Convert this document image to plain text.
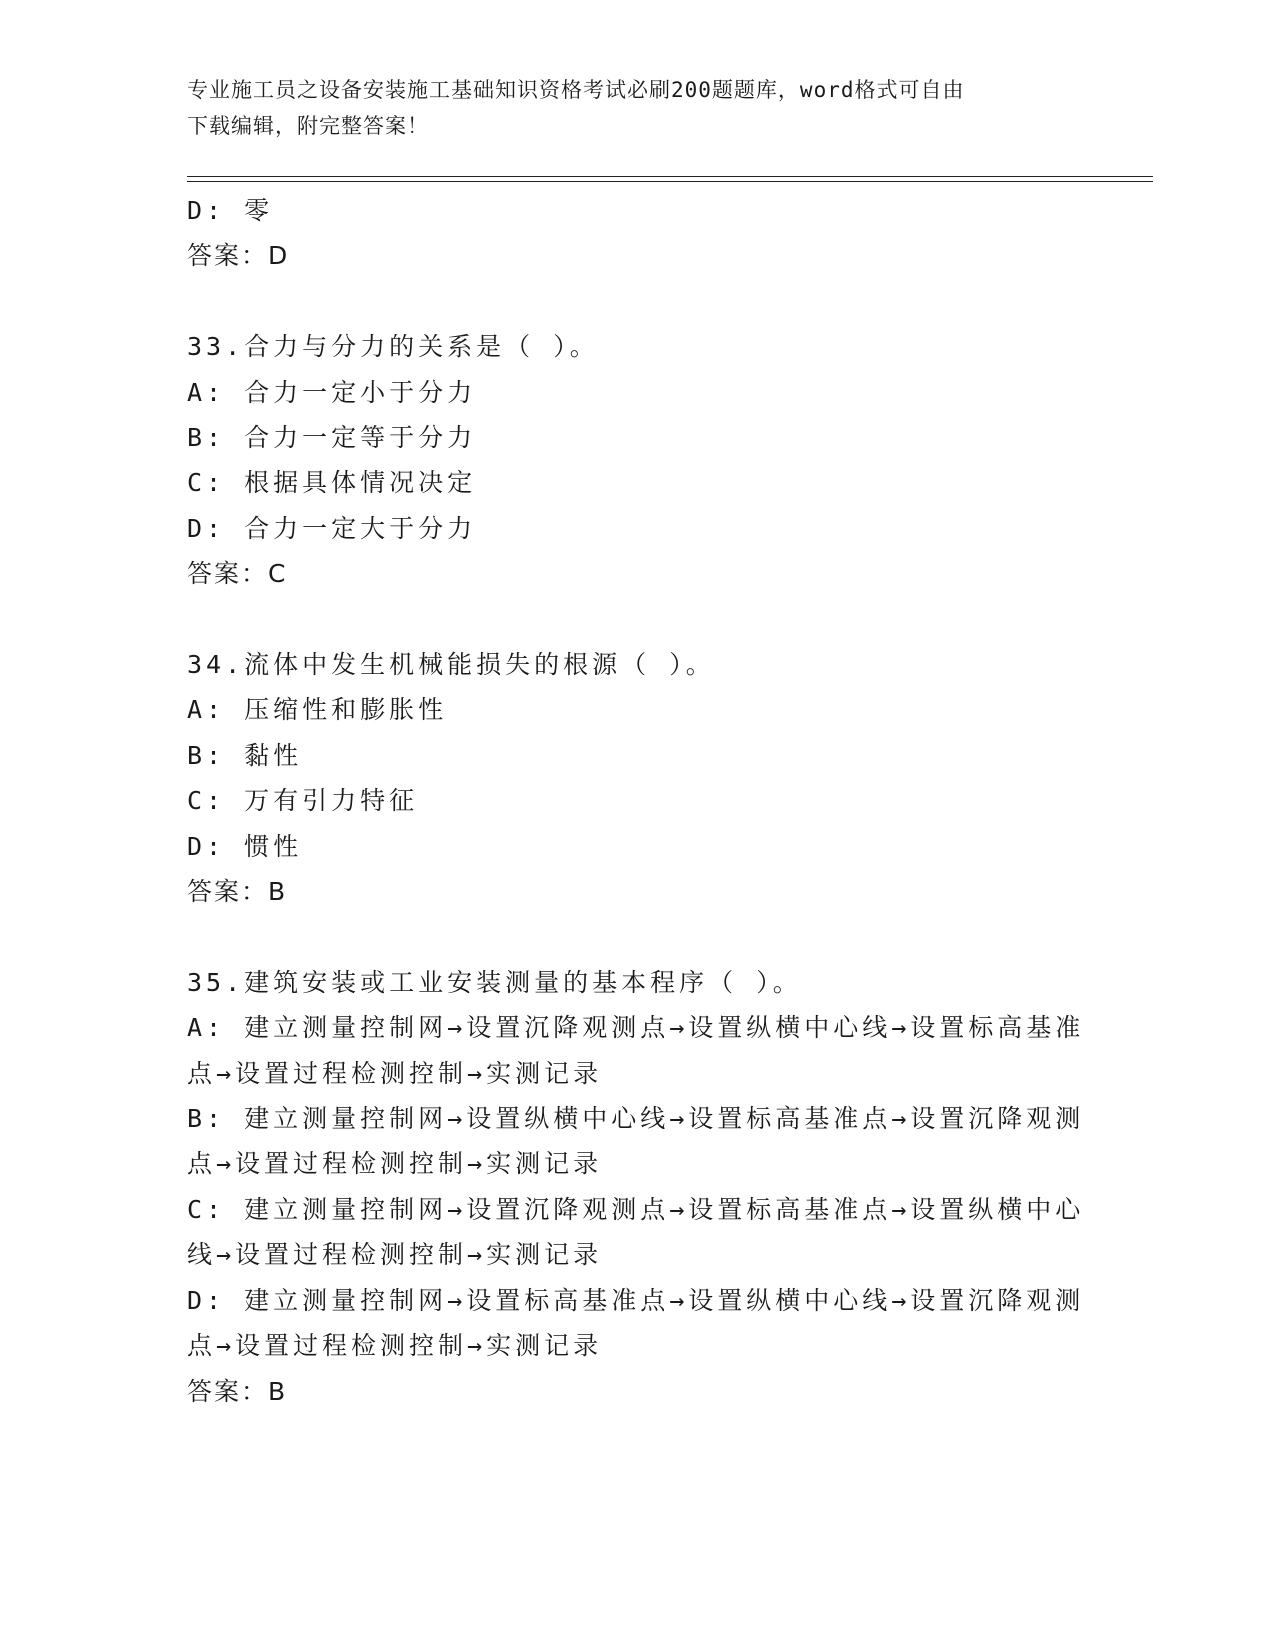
专业施工员之设备安装施工基础知识资格考试必刷200题题库，word格式可自由
下载编辑，附完整答案！
D: 零
答案：D
33.合力与分力的关系是（ ）。
A: 合力一定小于分力
B: 合力一定等于分力
C: 根据具体情况决定
D: 合力一定大于分力
答案：C
34.流体中发生机械能损失的根源（ ）。
A: 压缩性和膨胀性
B: 黏性
C: 万有引力特征
D: 惯性
答案：B
35.建筑安装或工业安装测量的基本程序（ ）。
A: 建立测量控制网→设置沉降观测点→设置纵横中心线→设置标高基准点→设置过程检测控制→实测记录
B: 建立测量控制网→设置纵横中心线→设置标高基准点→设置沉降观测点→设置过程检测控制→实测记录
C: 建立测量控制网→设置沉降观测点→设置标高基准点→设置纵横中心线→设置过程检测控制→实测记录
D: 建立测量控制网→设置标高基准点→设置纵横中心线→设置沉降观测点→设置过程检测控制→实测记录
答案：B
